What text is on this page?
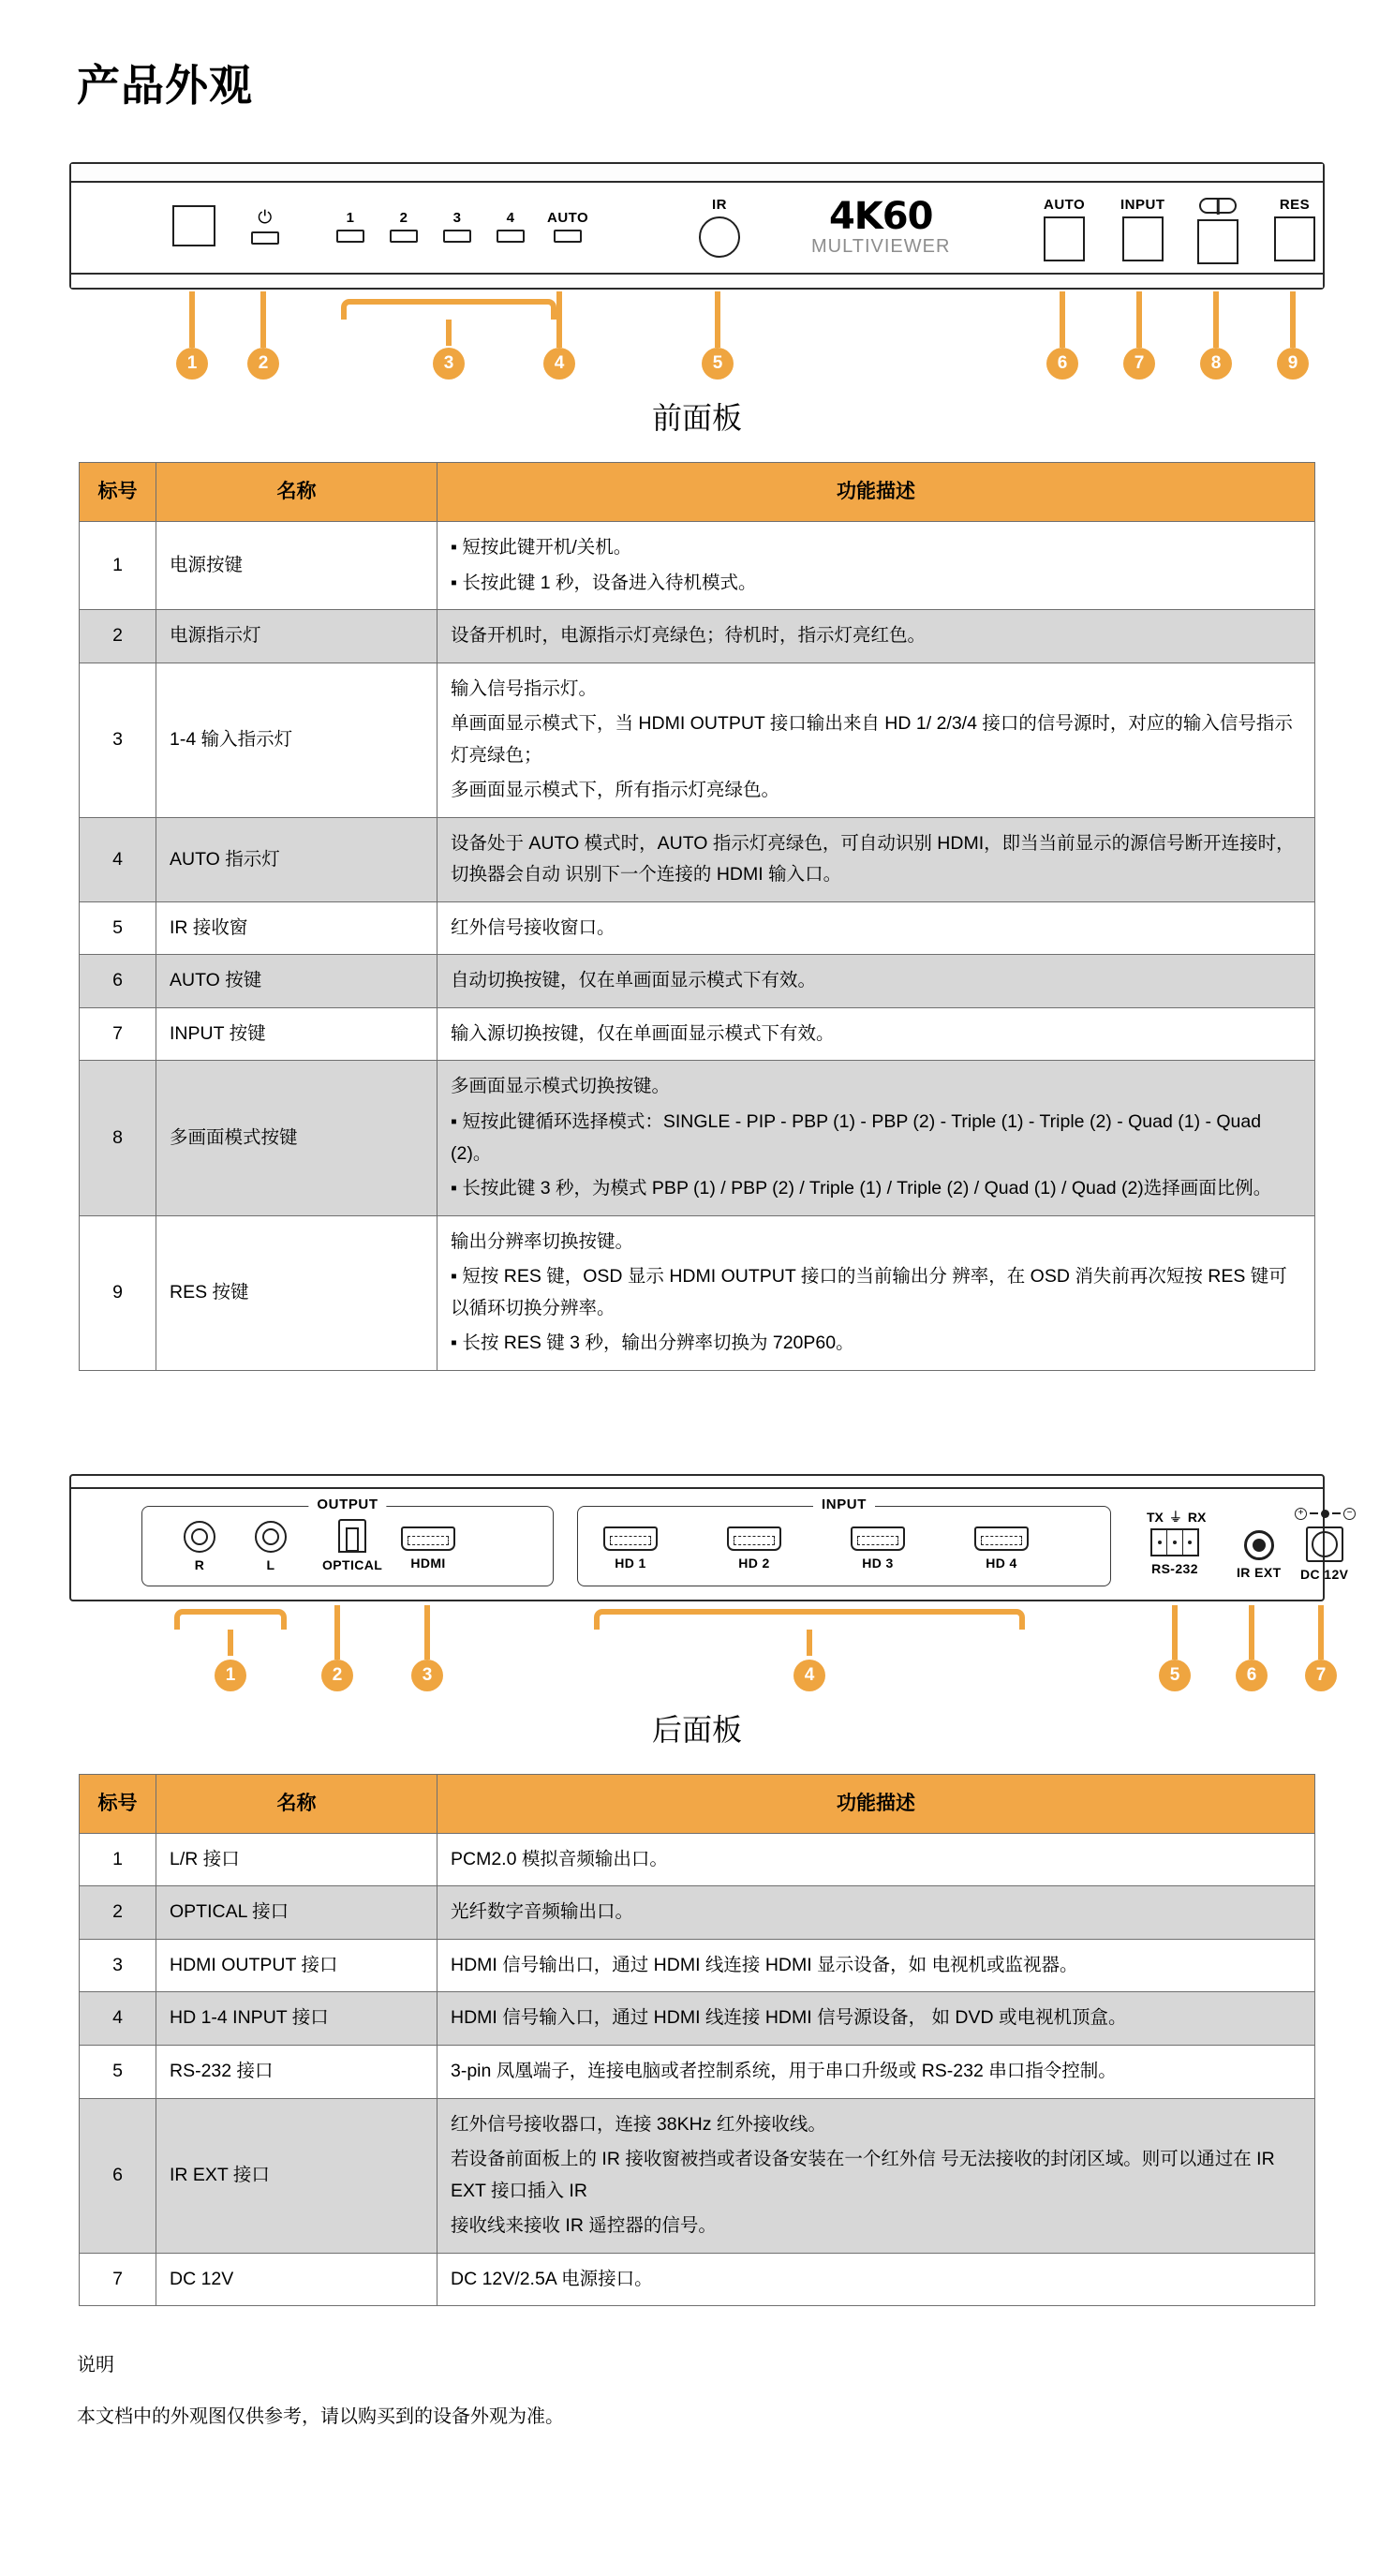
产品外观
⏻	1	2	3	4 AUTO
IR	4K60
MULTIVIEWER
AUTO	INPUT	RES
1	2	3	4	5	6	7	8	9
前面板
标号	名称	功能描述
1	电源按键	▪ 短按此键开机/关机。

▪ 长按此键 1 秒，设备进入待机模式。

2	电源指示灯	设备开机时，电源指示灯亮绿色；待机时，指示灯亮红色。

3	1-4 输入指示灯	输入信号指示灯。

单画面显示模式下，当 HDMI OUTPUT 接口输出来自 HD 1/ 2/3/4 接口的信号源时，对应的输入信号指示灯亮绿色；

多画面显示模式下，所有指示灯亮绿色。

4	AUTO 指示灯	设备处于 AUTO 模式时，AUTO 指示灯亮绿色，可自动识别 HDMI，即当当前显示的源信号断开连接时，切换器会自动 识别下一个连接的 HDMI 输入口。

5	IR 接收窗	红外信号接收窗口。

6	AUTO 按键	自动切换按键，仅在单画面显示模式下有效。

7	INPUT 按键	输入源切换按键，仅在单画面显示模式下有效。

8	多画面模式按键	多画面显示模式切换按键。

▪ 短按此键循环选择模式：SINGLE - PIP - PBP (1) - PBP (2) - Triple (1) - Triple (2) - Quad (1) - Quad (2)。

▪ 长按此键 3 秒，为模式 PBP (1) / PBP (2) / Triple (1) / Triple (2) / Quad (1) / Quad (2)选择画面比例。

9	RES 按键	输出分辨率切换按键。

▪ 短按 RES 键，OSD 显示 HDMI OUTPUT 接口的当前输出分 辨率，在 OSD 消失前再次短按 RES 键可以循环切换分辨率。

▪ 长按 RES 键 3 秒，输出分辨率切换为 720P60。

OUTPUT	INPUT
R	L	OPTICAL HDMI	HD 1	HD 2	HD 3	HD 4
TX ⏚ RX
RS-232	IR EXT
+	−
DC 12V
1	2	3	4	5	6	7
后面板
标号	名称	功能描述
1	L/R 接口	PCM2.0 模拟音频输出口。

2	OPTICAL 接口	光纤数字音频输出口。

3	HDMI OUTPUT 接口	HDMI 信号输出口，通过 HDMI 线连接 HDMI 显示设备，如 电视机或监视器。

4	HD 1-4 INPUT 接口	HDMI 信号输入口，通过 HDMI 线连接 HDMI 信号源设备， 如 DVD 或电视机顶盒。

5	RS-232 接口	3-pin 凤凰端子，连接电脑或者控制系统，用于串口升级或 RS-232 串口指令控制。

6	IR EXT 接口	红外信号接收器口，连接 38KHz 红外接收线。

若设备前面板上的 IR 接收窗被挡或者设备安装在一个红外信 号无法接收的封闭区域。则可以通过在 IR EXT 接口插入 IR

接收线来接收 IR 遥控器的信号。

7	DC 12V	DC 12V/2.5A 电源接口。

说明
本文档中的外观图仅供参考，请以购买到的设备外观为准。
